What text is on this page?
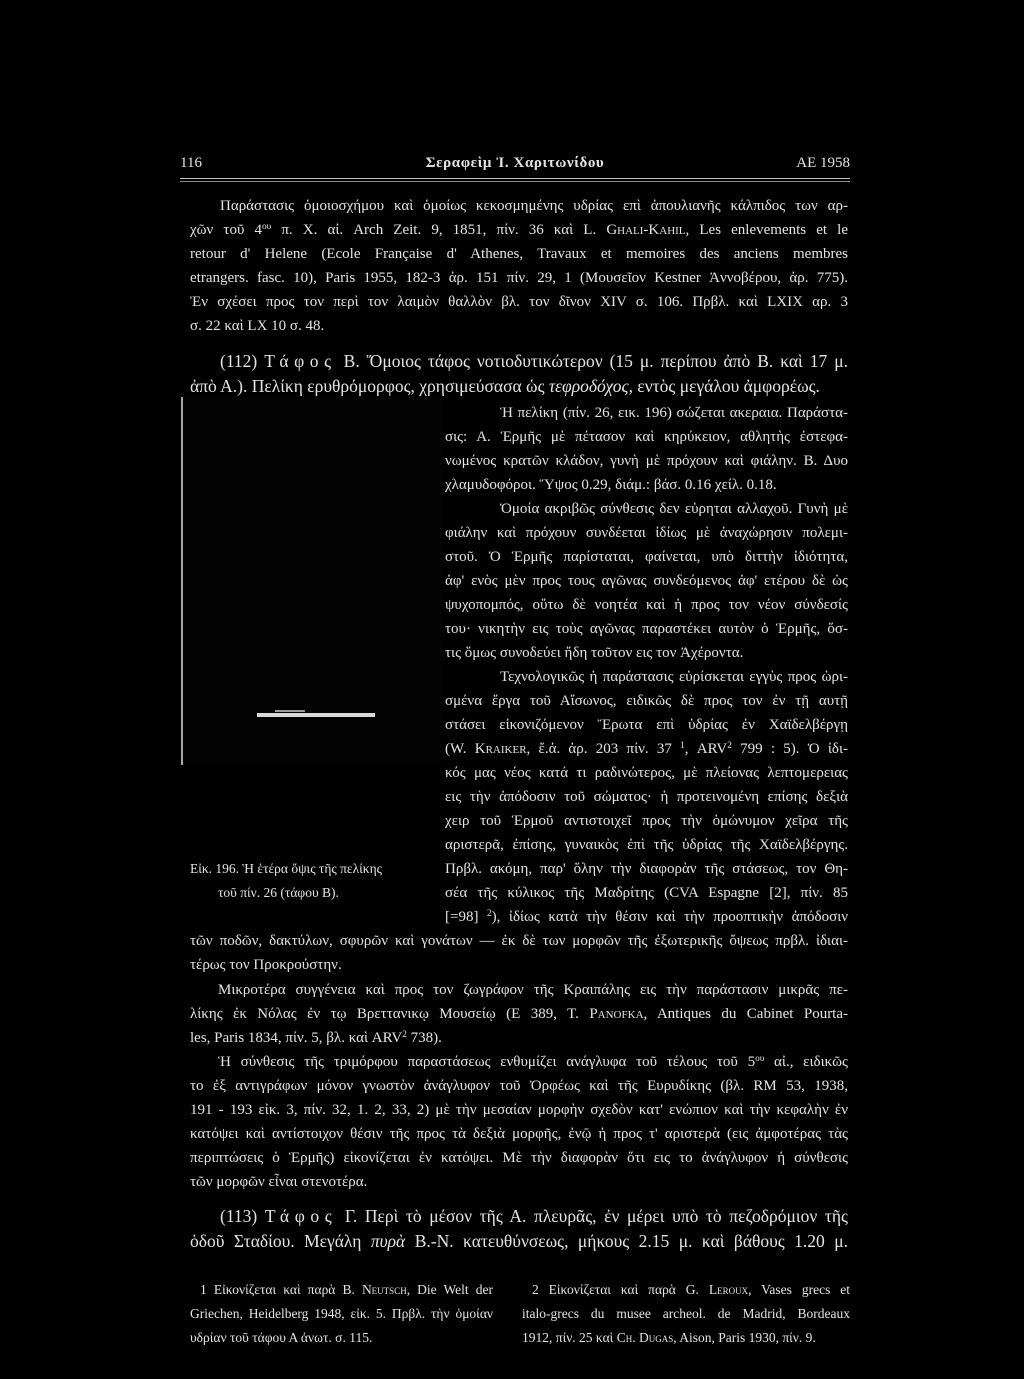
116	Σεραφεὶμ Ἰ. Χαριτωνίδου	ΑΕ 1958
Παράστασις ὁμοιοσχήμου καὶ ὁμοίως κεκοσμημένης υδρίας επὶ ἀπουλιανῆς κάλπιδος των αρ-
χῶν τοῦ $4^{o\upsilon}$ π. Χ. αἰ. Arch Zeit. 9, 1851, πίν. 36 καὶ L. Ghali-Kahil, Les enlevements et le
retour d' Helene (Ecole Française d' Athenes, Travaux et memoires des anciens membres
etrangers. fasc. 10), Paris 1955, 182-3 ἀρ. 151 πίν. 29, 1 (Μουσεῖον Kestner Ἀννοβέρου, ἀρ. 775).
Ἐν σχέσει προς τον περὶ τον λαιμὸν θαλλὸν βλ. τον δῖνον XIV σ. 106. Πρβλ. καὶ LXIX αρ. 3
σ. 22 καὶ LX 10 σ. 48.
(112) Τάφος Β. Ὅμοιος τάφος νοτιοδυτικώτερον (15 μ. περίπου ἀπὸ Β. καὶ 17 μ.
ἀπὸ Α.). Πελίκη ερυθρόμορφος, χρησιμεύσασα ὡς τεφροδόχος, εντὸς μεγάλου ἀμφορέως.
Εἰκ. 196. Ἡ ἑτέρα ὄψις τῆς πελίκης
τοῦ πίν. 26 (τάφου Β).
Ἡ πελίκη (πίν. 26, εικ. 196) σώζεται ακεραια. Παράστα-
σις: Α. Ἑρμῆς μὲ πέτασον καὶ κηρύκειον, αθλητὴς ἐστεφα-
νωμένος κρατῶν κλάδον, γυνὴ μὲ πρόχουν καὶ φιάλην. Β. Δυο
χλαμυδοφόροι. Ὕψος 0.29, διάμ.: βάσ. 0.16 χείλ. 0.18.
Ὁμοία ακριβῶς σύνθεσις δεν εὑρηται αλλαχοῦ. Γυνὴ μὲ
φιάλην καὶ πρόχουν συνδέεται ἰδίως μὲ ἀναχώρησιν πολεμι-
στοῦ. Ὁ Ἑρμῆς παρίσταται, φαίνεται, υπὸ διττὴν ἰδιότητα,
ἀφ' ενὸς μὲν προς τους αγῶνας συνδεόμενος ἀφ' ετέρου δὲ ὡς
ψυχοπομπός, οὕτω δὲ νοητέα καὶ ἡ προς τον νέον σύνδεσίς
του· νικητὴν εις τοὺς αγῶνας παραστέκει αυτὸν ὁ Ἑρμῆς, ὅσ-
τις ὅμως συνοδεύει ἤδη τοῦτον εις τον Ἀχέροντα.
Τεχνολογικῶς ἡ παράστασις εὑρίσκεται εγγὺς προς ὡρι-
σμένα ἔργα τοῦ Αἴσωνος, ειδικῶς δὲ προς τον ἐν τῇ αυτῇ
στάσει εἰκονιζόμενον Ἔρωτα επὶ ὑδρίας ἐν Χαϊδελβέργῃ
(W. Kraiker, ἔ.ἀ. ἀρ. 203 πίν. 37 $^1$, ARV$^2$ 799 : 5). Ὁ ἰδι-
κός μας νέος κατά τι ραδινώτερος, μὲ πλείονας λεπτομερειας
εις τὴν ἀπόδοσιν τοῦ σώματος· ἡ προτεινομένη επίσης δεξιὰ
χειρ τοῦ Ἑρμοῦ αντιστοιχεῖ προς τὴν ὁμώνυμον χεῖρα τῆς
αριστερᾶ, ἐπίσης, γυναικὸς ἐπὶ τῆς ὑδρίας τῆς Χαϊδελβέργης.
Πρβλ. ακόμη, παρ' ὅλην τὴν διαφορὰν τῆς στάσεως, τον Θη-
σέα τῆς κύλικος τῆς Μαδρίτης (CVA Espagne [2], πίν. 85
[=98] $^2$), ἰδίως κατὰ τὴν θέσιν καὶ τὴν προοπτικὴν ἀπόδοσιν
τῶν ποδῶν, δακτύλων, σφυρῶν καὶ γονάτων — ἐκ δὲ των μορφῶν τῆς ἐξωτερικῆς ὄψεως πρβλ. ἰδιαι-
τέρως τον Προκρούστην.
Μικροτέρα συγγένεια καὶ προς τον ζωγράφον τῆς Κραιπάλης εις τὴν παράστασιν μικρᾶς πε-
λίκης ἐκ Νόλας ἐν τῳ Βρεττανικῳ Μουσείῳ (Ε 389, Τ. Panofka, Antiques du Cabinet Pourta-
les, Paris 1834, πίν. 5, βλ. καὶ ARV$^2$ 738).
Ἡ σύνθεσις τῆς τριμόρφου παραστάσεως ενθυμίζει ανάγλυφα τοῦ τέλους τοῦ $5^{o\upsilon}$ αἰ., ειδικῶς
το ἐξ αντιγράφων μόνον γνωστὸν ἀνάγλυφον τοῦ Ὀρφέως καὶ τῆς Ευρυδίκης (βλ. RM 53, 1938,
191 - 193 εἰκ. 3, πίν. 32, 1. 2, 33, 2) μὲ τὴν μεσαίαν μορφὴν σχεδὸν κατ' ενώπιον καὶ τὴν κεφαλὴν ἐν
κατόψει καὶ αντίστοιχον θέσιν τῆς προς τὰ δεξιὰ μορφῆς, ἐνῷ ἡ προς τ' αριστερὰ (εις ἀμφοτέρας τὰς
περιπτώσεις ὁ Ἑρμῆς) εἰκονίζεται ἐν κατόψει. Μὲ τὴν διαφορὰν ὅτι εις το ἀνάγλυφον ἡ σύνθεσις
τῶν μορφῶν εἶναι στενοτέρα.
(113) Τάφος Γ. Περὶ τὸ μέσον τῆς Α. πλευρᾶς, ἐν μέρει υπὸ τὸ πεζοδρόμιον τῆς
ὁδοῦ Σταδίου. Μεγάλη πυρὰ Β.-Ν. κατευθύνσεως, μήκους 2.15 μ. καὶ βάθους 1.20 μ.
1 Εἰκονίζεται καὶ παρὰ B. Neutsch, Die Welt der
Griechen, Heidelberg 1948, εἰκ. 5. Πρβλ. τὴν ὁμοίαν
υδρίαν τοῦ τάφου Α ἀνωτ. σ. 115.
2 Εἰκονίζεται καὶ παρὰ G. Leroux, Vases grecs et
italo-grecs du musee archeol. de Madrid, Bordeaux
1912, πίν. 25 καὶ Ch. Dugas, Aison, Paris 1930, πίν. 9.
